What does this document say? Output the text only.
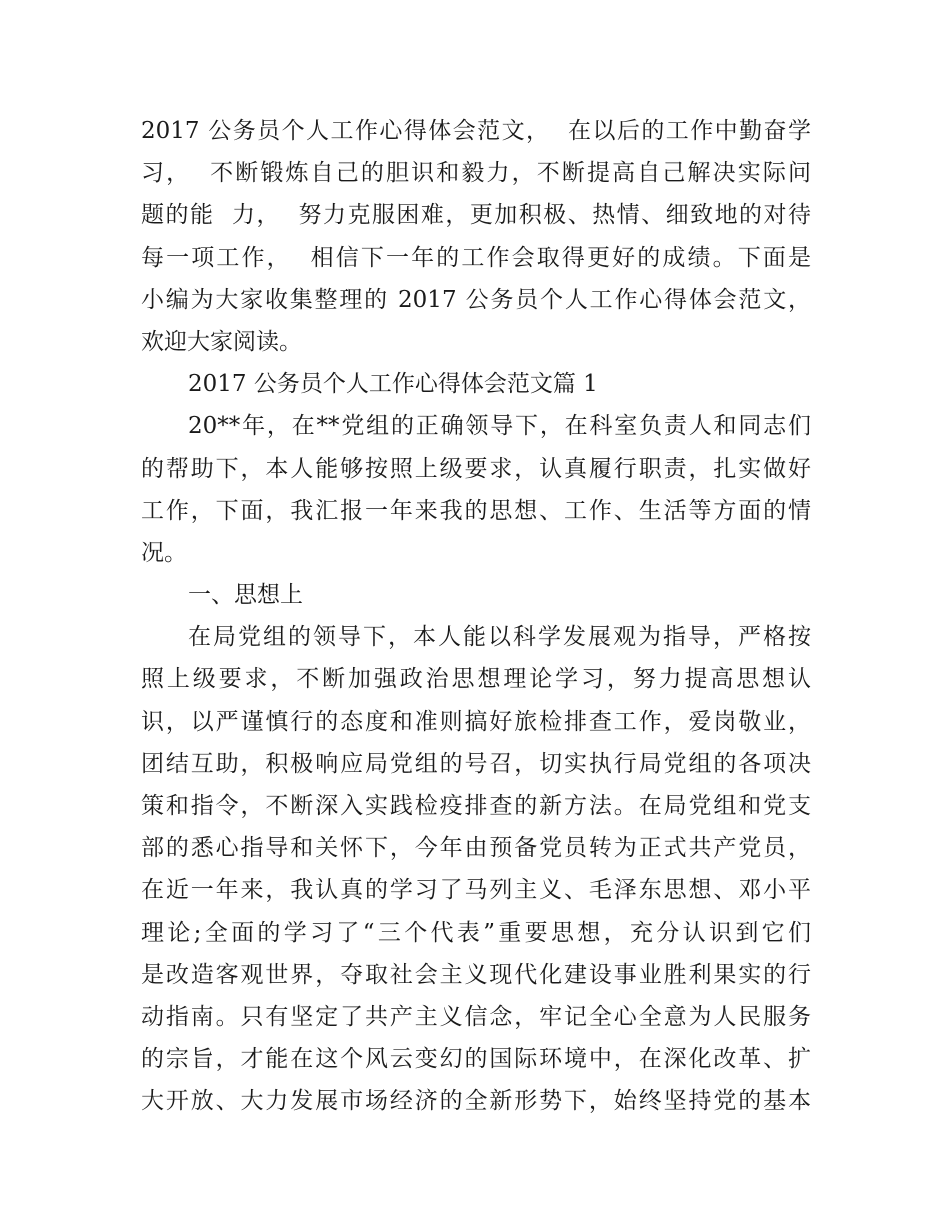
2017 公务员个人工作心得体会范文，  在以后的工作中勤奋学
习，  不断锻炼自己的胆识和毅力，不断提高自己解决实际问
题的能  力，  努力克服困难，更加积极、热情、细致地的对待
每一项工作，  相信下一年的工作会取得更好的成绩。下面是
小编为大家收集整理的 2017 公务员个人工作心得体会范文，
欢迎大家阅读。
2017 公务员个人工作心得体会范文篇 1
20**年，在**党组的正确领导下，在科室负责人和同志们
的帮助下，本人能够按照上级要求，认真履行职责，扎实做好
工作，下面，我汇报一年来我的思想、工作、生活等方面的情
况。
一、思想上
在局党组的领导下，本人能以科学发展观为指导，严格按
照上级要求，不断加强政治思想理论学习，努力提高思想认
识，以严谨慎行的态度和准则搞好旅检排查工作，爱岗敬业，
团结互助，积极响应局党组的号召，切实执行局党组的各项决
策和指令，不断深入实践检疫排查的新方法。在局党组和党支
部的悉心指导和关怀下，今年由预备党员转为正式共产党员，
在近一年来，我认真的学习了马列主义、毛泽东思想、邓小平
理论;全面的学习了“三个代表”重要思想，充分认识到它们
是改造客观世界，夺取社会主义现代化建设事业胜利果实的行
动指南。只有坚定了共产主义信念，牢记全心全意为人民服务
的宗旨，才能在这个风云变幻的国际环境中，在深化改革、扩
大开放、大力发展市场经济的全新形势下，始终坚持党的基本
